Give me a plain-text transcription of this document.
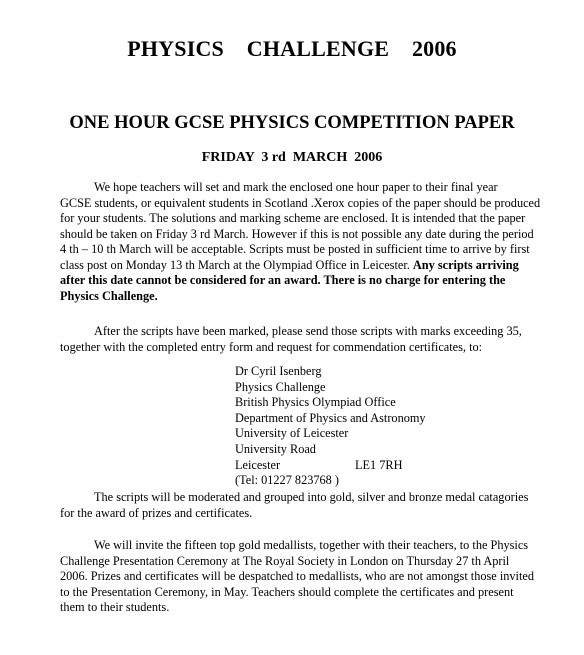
PHYSICS    CHALLENGE    2006
ONE HOUR GCSE PHYSICS COMPETITION PAPER
FRIDAY  3 rd  MARCH  2006
We hope teachers will set and mark the enclosed one hour paper to their final year
GCSE students, or equivalent students in Scotland .Xerox copies of the paper should be produced
for your students. The solutions and marking scheme are enclosed. It is intended that the paper
should be taken on Friday 3 rd March. However if this is not possible any date during the period
4 th – 10 th March will be acceptable. Scripts must be posted in sufficient time to arrive by first
class post on Monday 13 th March at the Olympiad Office in Leicester. Any scripts arriving
after this date cannot be considered for an award. There is no charge for entering the
Physics Challenge.
After the scripts have been marked, please send those scripts with marks exceeding 35,
together with the completed entry form and request for commendation certificates, to:
Dr Cyril Isenberg
Physics Challenge
British Physics Olympiad Office
Department of Physics and Astronomy
University of Leicester
University Road
Leicester	LE1 7RH
(Tel: 01227 823768 )
The scripts will be moderated and grouped into gold, silver and bronze medal catagories
for the award of prizes and certificates.
We will invite the fifteen top gold medallists, together with their teachers, to the Physics
Challenge Presentation Ceremony at The Royal Society in London on Thursday 27 th April
2006. Prizes and certificates will be despatched to medallists, who are not amongst those invited
to the Presentation Ceremony, in May. Teachers should complete the certificates and present
them to their students.
